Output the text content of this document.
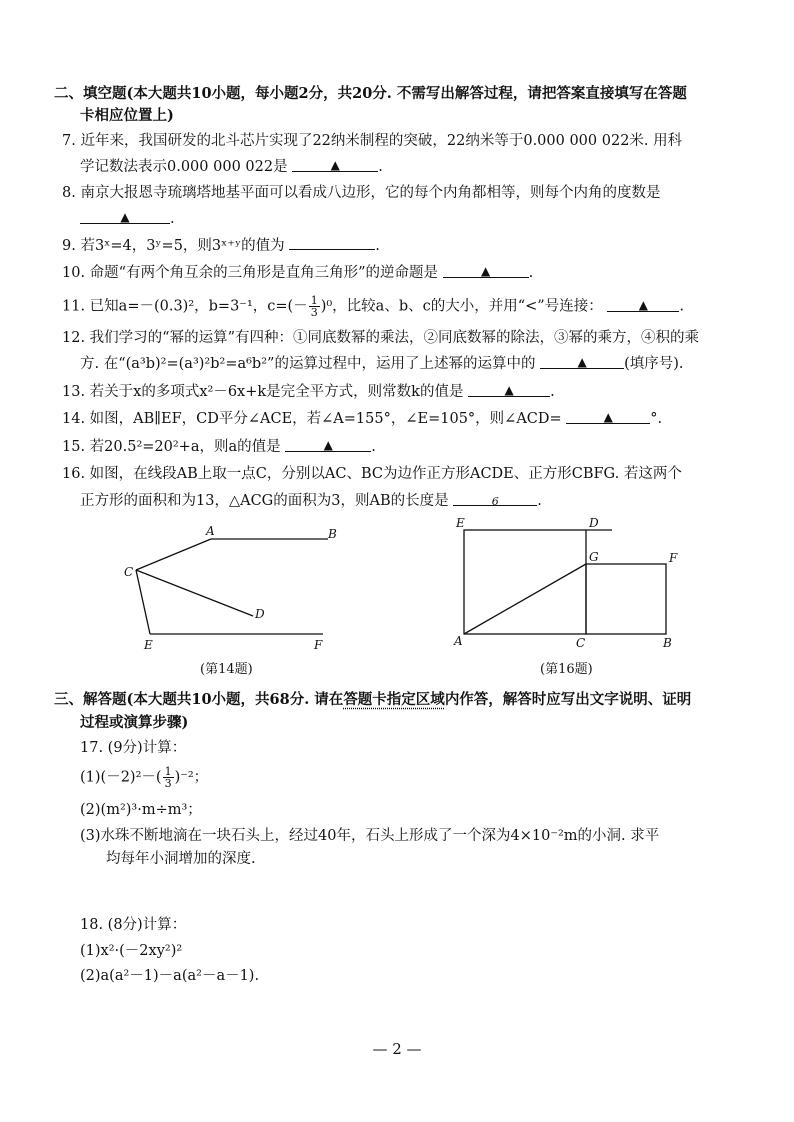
二、填空题(本大题共10小题，每小题2分，共20分. 不需写出解答过程，请把答案直接填写在答题
卡相应位置上)
7. 近年来，我国研发的北斗芯片实现了22纳米制程的突破，22纳米等于0.000 000 022米. 用科
学记数法表示0.000 000 022是	▲	.
8. 南京大报恩寺琉璃塔地基平面可以看成八边形，它的每个内角都相等，则每个内角的度数是
▲	.
9. 若3ˣ=4，3ʸ=5，则3ˣ⁺ʸ的值为	.
10. 命题“有两个角互余的三角形是直角三角形”的逆命题是	▲	.
11. 已知a=－(0.3)²，b=3⁻¹，$c=(- \frac{1}{3} )^0$，比较a、b、c的大小，并用“<”号连接：	▲ .
12. 我们学习的“幂的运算”有四种：①同底数幂的乘法，②同底数幂的除法，③幂的乘方，④积的乘
方. 在“(a³b)²=(a³)²b²=a⁶b²”的运算过程中，运用了上述幂的运算中的	▲	(填序号).
13. 若关于x的多项式x²－6x+k是完全平方式，则常数k的值是	▲	.
14. 如图，AB∥EF，CD平分∠ACE，若∠A=155°，∠E=105°，则∠ACD=	▲	°.
15. 若20.5²=20²+a，则a的值是	▲	.
16. 如图，在线段AB上取一点C，分别以AC、BC为边作正方形ACDE、正方形CBFG. 若这两个
正方形的面积和为13，△ACG的面积为3，则AB的长度是	6	.
A	B
C
D
E	F
(第14题)
E	D
G	F
A	C	B
(第16题)
三、解答题(本大题共10小题，共68分. 请在答题卡指定区域内作答，解答时应写出文字说明、证明
过程或演算步骤)
17. (9分)计算：
$(1)(-2)^2-( \frac{1}{3} )^{-2}$；
(2)(m²)³·m÷m³；
(3)水珠不断地滴在一块石头上，经过40年，石头上形成了一个深为4×10⁻²m的小洞. 求平
均每年小洞增加的深度.
18. (8分)计算：
(1)x²·(－2xy²)²
(2)a(a²－1)－a(a²－a－1).
— 2 —
